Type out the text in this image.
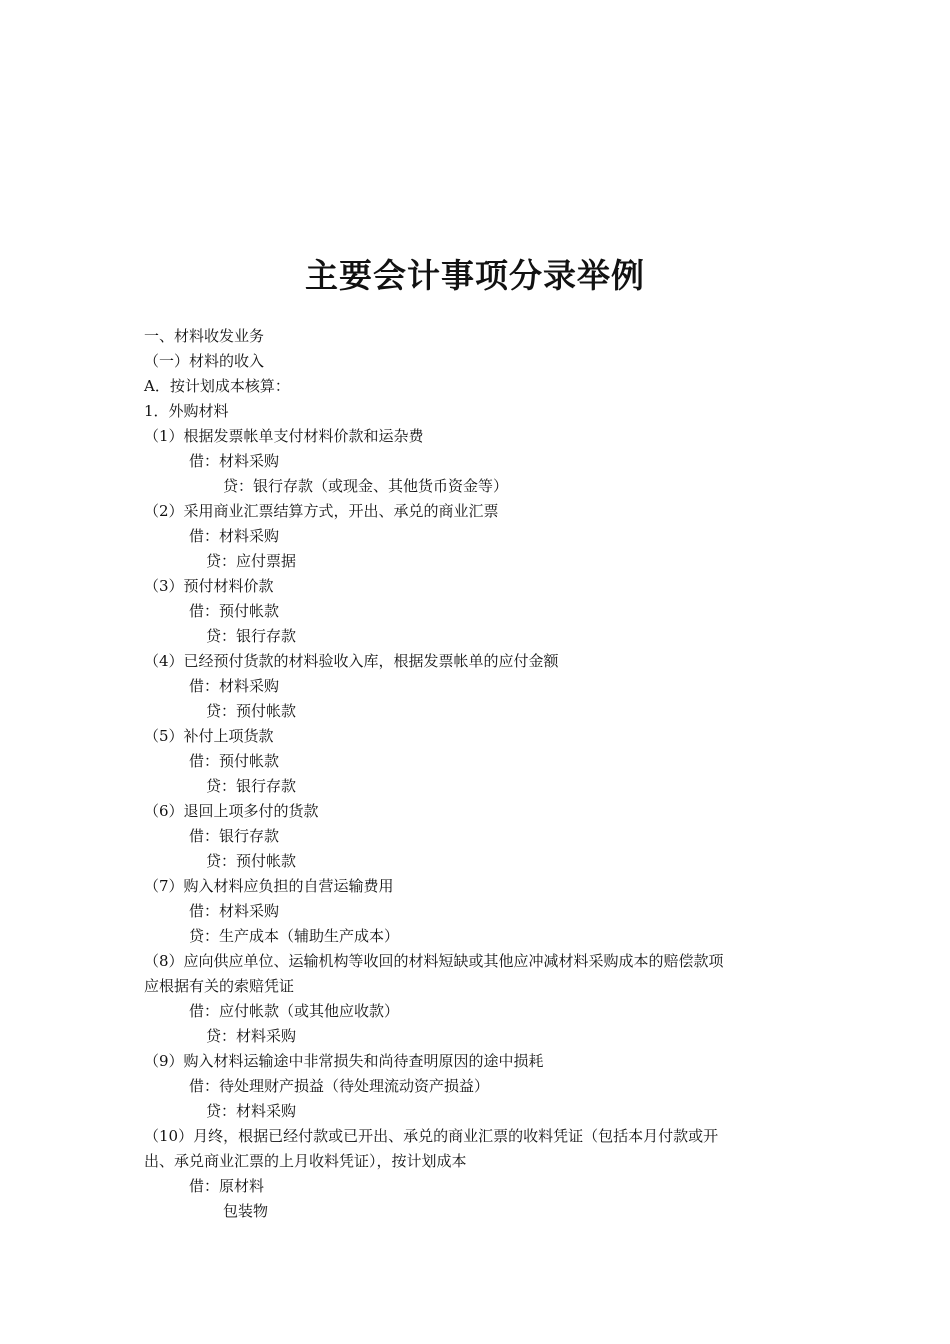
主要会计事项分录举例
一、材料收发业务
（一）材料的收入
A．按计划成本核算：
1．外购材料
（1）根据发票帐单支付材料价款和运杂费
借：材料采购
贷：银行存款（或现金、其他货币资金等）
（2）采用商业汇票结算方式，开出、承兑的商业汇票
借：材料采购
贷：应付票据
（3）预付材料价款
借：预付帐款
贷：银行存款
（4）已经预付货款的材料验收入库，根据发票帐单的应付金额
借：材料采购
贷：预付帐款
（5）补付上项货款
借：预付帐款
贷：银行存款
（6）退回上项多付的货款
借：银行存款
贷：预付帐款
（7）购入材料应负担的自营运输费用
借：材料采购
贷：生产成本（辅助生产成本）
（8）应向供应单位、运输机构等收回的材料短缺或其他应冲减材料采购成本的赔偿款项
应根据有关的索赔凭证
借：应付帐款（或其他应收款）
贷：材料采购
（9）购入材料运输途中非常损失和尚待查明原因的途中损耗
借：待处理财产损益（待处理流动资产损益）
贷：材料采购
（10）月终，根据已经付款或已开出、承兑的商业汇票的收料凭证（包括本月付款或开
出、承兑商业汇票的上月收料凭证），按计划成本
借：原材料
包装物
